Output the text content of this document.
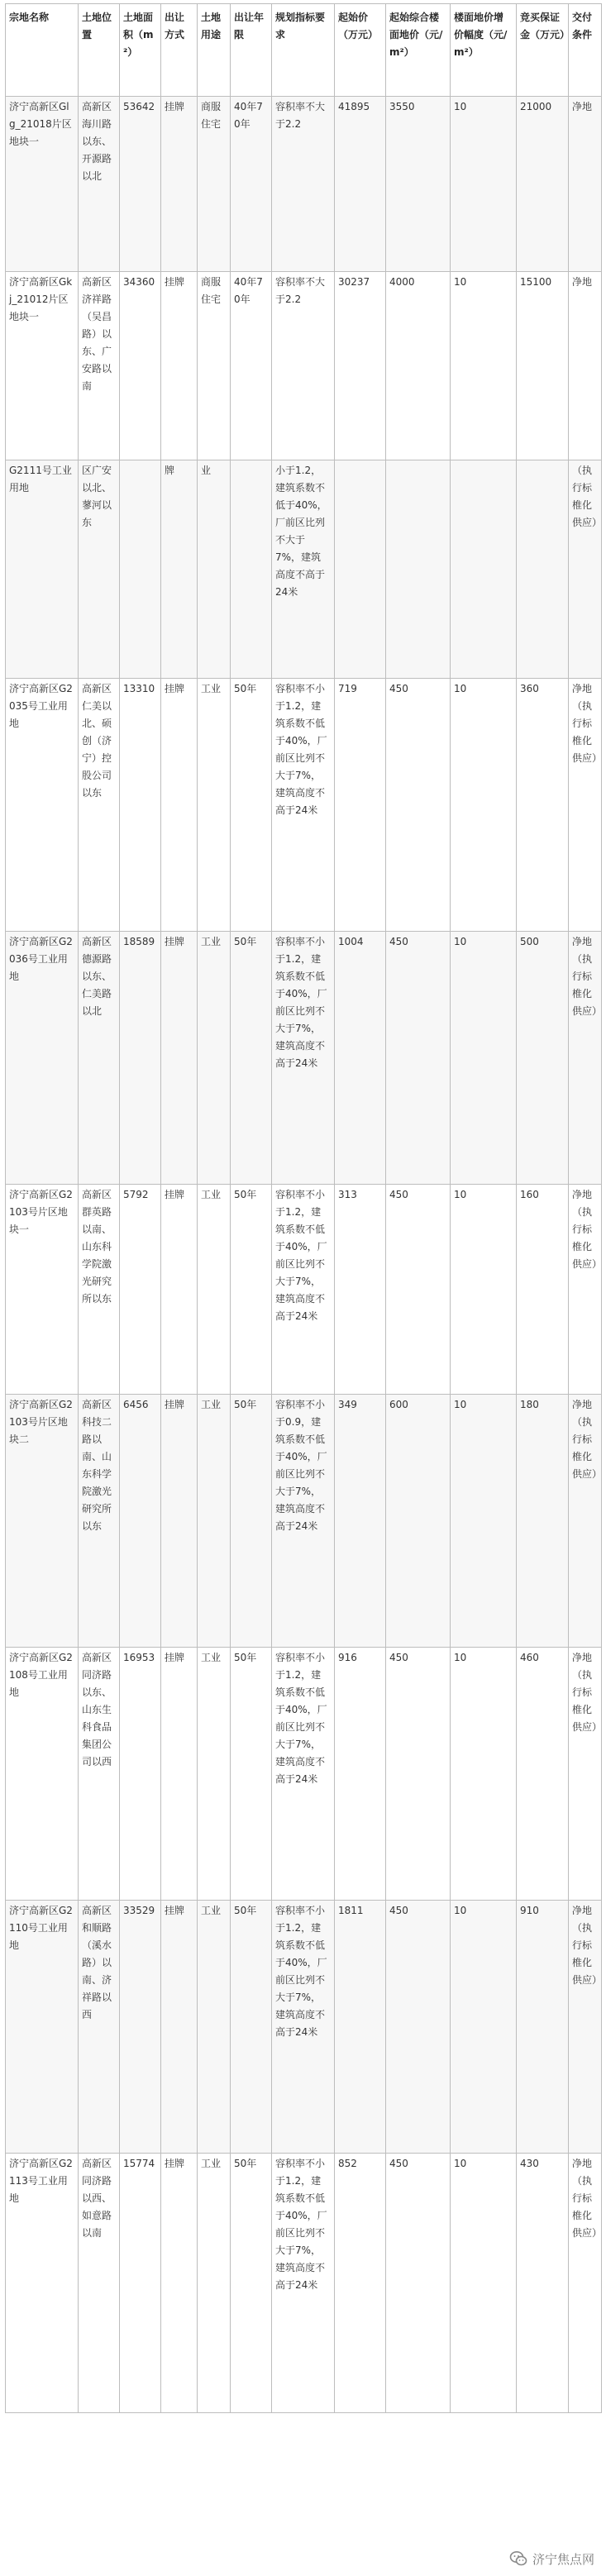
宗地名称	土地位置	土地面积（m²）	出让方式	土地用途	出让年限	规划指标要求	起始价（万元）	起始综合楼面地价（元/m²）	楼面地价增价幅度（元/m²）	竞买保证金（万元）	交付条件
济宁高新区Glg_21018片区地块一	高新区海川路以东、开源路以北	53642	挂牌	商服住宅	40年70年	容积率不大于2.2	41895	3550	10	21000	净地
济宁高新区Gkj_21012片区地块一	高新区济祥路（吴昌路）以东、广安路以南	34360	挂牌	商服住宅	40年70年	容积率不大于2.2	30237	4000	10	15100	净地
G2111号工业用地	区广安以北、蓼河以东		牌	业		小于1.2，建筑系数不低于40%，厂前区比列不大于7%，建筑高度不高于24米					（执行标椎化供应）
济宁高新区G2035号工业用地	高新区仁美以北、硕创（济宁）控股公司以东	13310	挂牌	工业	50年	容积率不小于1.2，建筑系数不低于40%，厂前区比列不大于7%，建筑高度不高于24米	719	450	10	360	净地（执行标椎化供应）
济宁高新区G2036号工业用地	高新区德源路以东、仁美路以北	18589	挂牌	工业	50年	容积率不小于1.2，建筑系数不低于40%，厂前区比列不大于7%，建筑高度不高于24米	1004	450	10	500	净地（执行标椎化供应）
济宁高新区G2103号片区地块一	高新区群英路以南、山东科学院激光研究所以东	5792	挂牌	工业	50年	容积率不小于1.2，建筑系数不低于40%，厂前区比列不大于7%，建筑高度不高于24米	313	450	10	160	净地（执行标椎化供应）
济宁高新区G2103号片区地块二	高新区科技二路以南、山东科学院激光研究所以东	6456	挂牌	工业	50年	容积率不小于0.9，建筑系数不低于40%，厂前区比列不大于7%，建筑高度不高于24米	349	600	10	180	净地（执行标椎化供应）
济宁高新区G2108号工业用地	高新区同济路以东、山东生科食品集团公司以西	16953	挂牌	工业	50年	容积率不小于1.2，建筑系数不低于40%，厂前区比列不大于7%，建筑高度不高于24米	916	450	10	460	净地（执行标椎化供应）
济宁高新区G2110号工业用地	高新区和顺路（溪水路）以南、济祥路以西	33529	挂牌	工业	50年	容积率不小于1.2，建筑系数不低于40%，厂前区比列不大于7%，建筑高度不高于24米	1811	450	10	910	净地（执行标椎化供应）
济宁高新区G2113号工业用地	高新区同济路以西、如意路以南	15774	挂牌	工业	50年	容积率不小于1.2，建筑系数不低于40%，厂前区比列不大于7%，建筑高度不高于24米	852	450	10	430	净地（执行标椎化供应）
济宁焦点网
